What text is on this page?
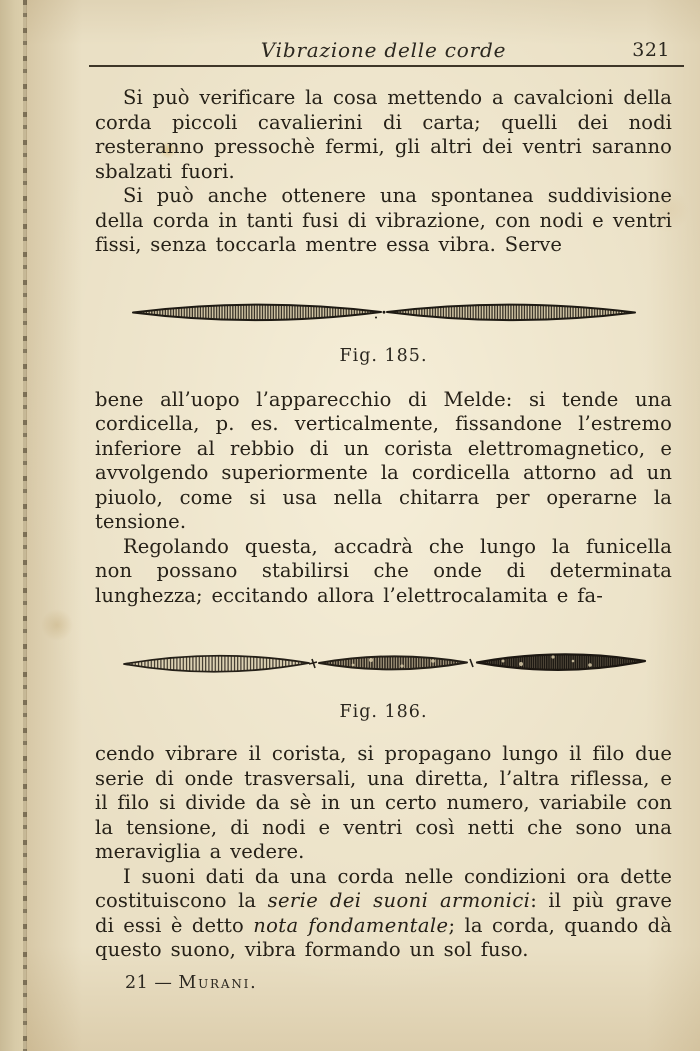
Vibrazione delle corde	321

Si può verificare la cosa mettendo a cavalcioni della corda piccoli cavalierini di carta; quelli dei nodi resteranno pressochè fermi, gli altri dei ventri saranno sbalzati fuori.

Si può anche ottenere una spontanea suddivisione della corda in tanti fusi di vibrazione, con nodi e ventri fissi, senza toccarla mentre essa vibra. Serve

Fig. 185.

bene all’uopo l’apparecchio di Melde: si tende una cordicella, p. es. verticalmente, fissandone l’estremo inferiore al rebbio di un corista elettromagnetico, e avvolgendo superiormente la cordicella attorno ad un piuolo, come si usa nella chitarra per operarne la tensione.

Regolando questa, accadrà che lungo la funicella non possano stabilirsi che onde di determinata lunghezza; eccitando allora l’elettrocalamita e fa-

Fig. 186.

cendo vibrare il corista, si propagano lungo il filo due serie di onde trasversali, una diretta, l’altra riflessa, e il filo si divide da sè in un certo numero, variabile con la tensione, di nodi e ventri così netti che sono una meraviglia a vedere.

I suoni dati da una corda nelle condizioni ora dette costituiscono la serie dei suoni armonici: il più grave di essi è detto nota fondamentale; la corda, quando dà questo suono, vibra formando un sol fuso.

21 — Murani.
